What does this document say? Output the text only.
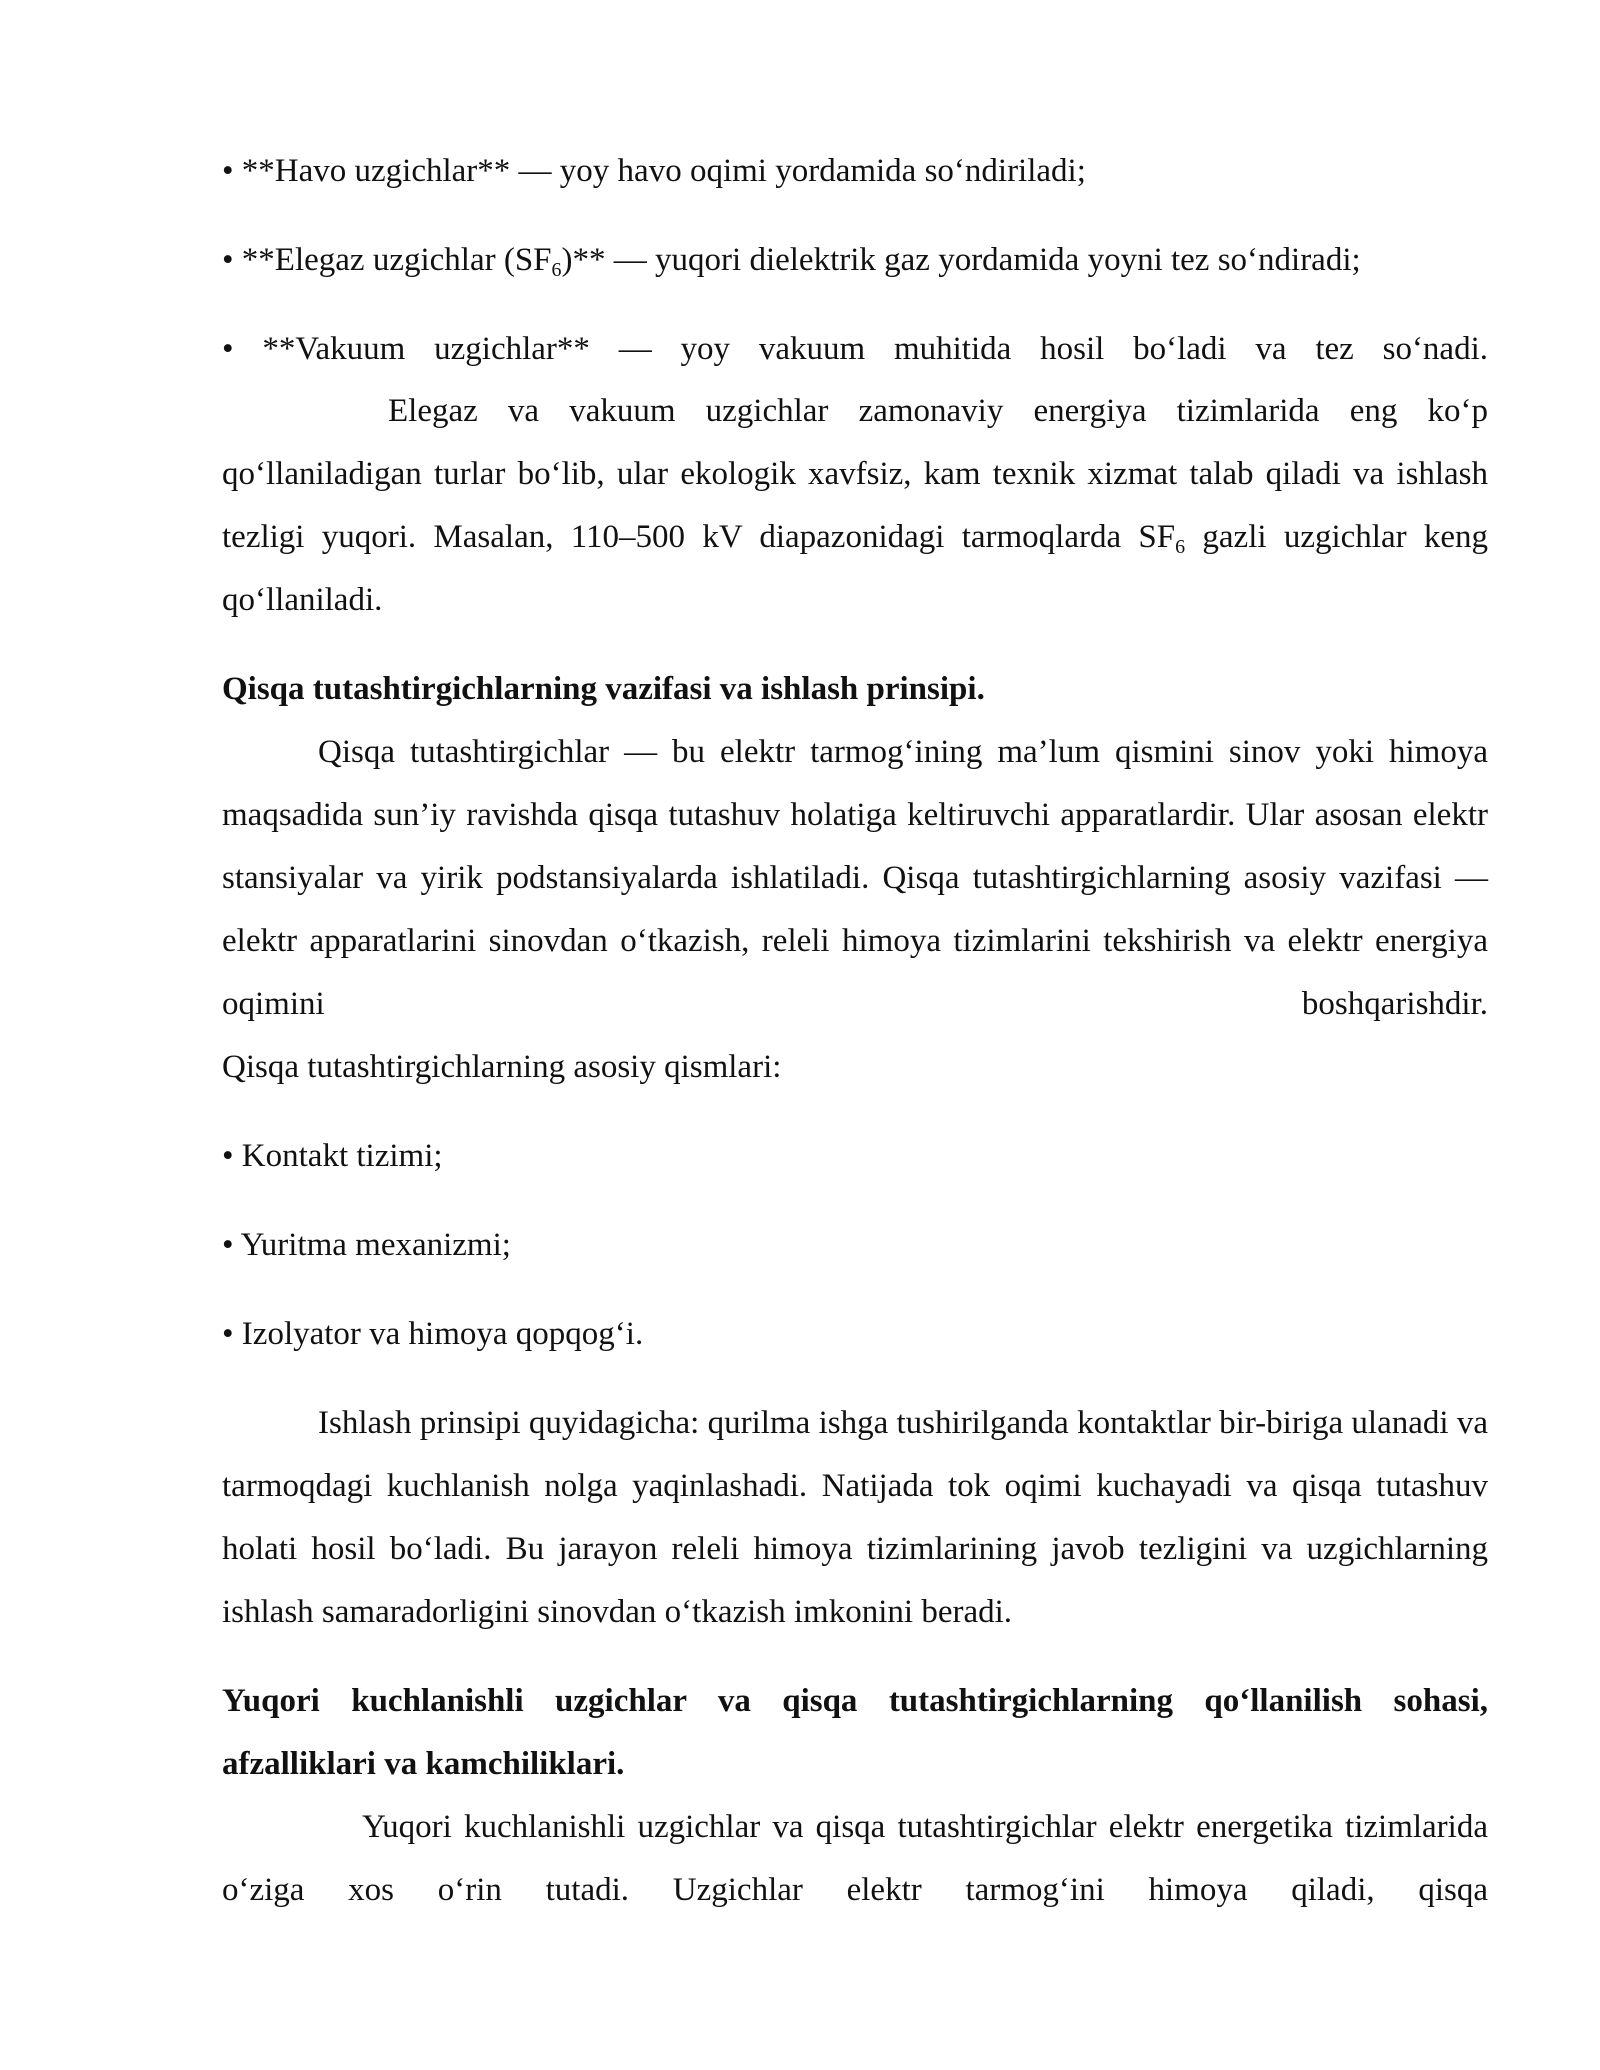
• **Havo uzgichlar** — yoy havo oqimi yordamida so‘ndiriladi;

• **Elegaz uzgichlar $(SF_6)**$ — yuqori dielektrik gaz yordamida yoyni tez so‘ndiradi;

• **Vakuum uzgichlar** — yoy vakuum muhitida hosil bo‘ladi va tez so‘nadi.

Elegaz va vakuum uzgichlar zamonaviy energiya tizimlarida eng ko‘p qo‘llaniladigan turlar bo‘lib, ular ekologik xavfsiz, kam texnik xizmat talab qiladi va ishlash tezligi yuqori. Masalan, 110–500 kV diapazonidagi tarmoqlarda $SF_6$ gazli uzgichlar keng qo‘llaniladi.

Qisqa tutashtirgichlarning vazifasi va ishlash prinsipi.

Qisqa tutashtirgichlar — bu elektr tarmog‘ining ma’lum qismini sinov yoki himoya maqsadida sun’iy ravishda qisqa tutashuv holatiga keltiruvchi apparatlardir. Ular asosan elektr stansiyalar va yirik podstansiyalarda ishlatiladi. Qisqa tutashtirgichlarning asosiy vazifasi — elektr apparatlarini sinovdan o‘tkazish, releli himoya tizimlarini tekshirish va elektr energiya oqimini boshqarishdir.

Qisqa tutashtirgichlarning asosiy qismlari:

• Kontakt tizimi;

• Yuritma mexanizmi;

• Izolyator va himoya qopqog‘i.

Ishlash prinsipi quyidagicha: qurilma ishga tushirilganda kontaktlar bir-biriga ulanadi va tarmoqdagi kuchlanish nolga yaqinlashadi. Natijada tok oqimi kuchayadi va qisqa tutashuv holati hosil bo‘ladi. Bu jarayon releli himoya tizimlarining javob tezligini va uzgichlarning ishlash samaradorligini sinovdan o‘tkazish imkonini beradi.

Yuqori kuchlanishli uzgichlar va qisqa tutashtirgichlarning qo‘llanilish sohasi, afzalliklari va kamchiliklari.

Yuqori kuchlanishli uzgichlar va qisqa tutashtirgichlar elektr energetika tizimlarida o‘ziga xos o‘rin tutadi. Uzgichlar elektr tarmog‘ini himoya qiladi, qisqa
